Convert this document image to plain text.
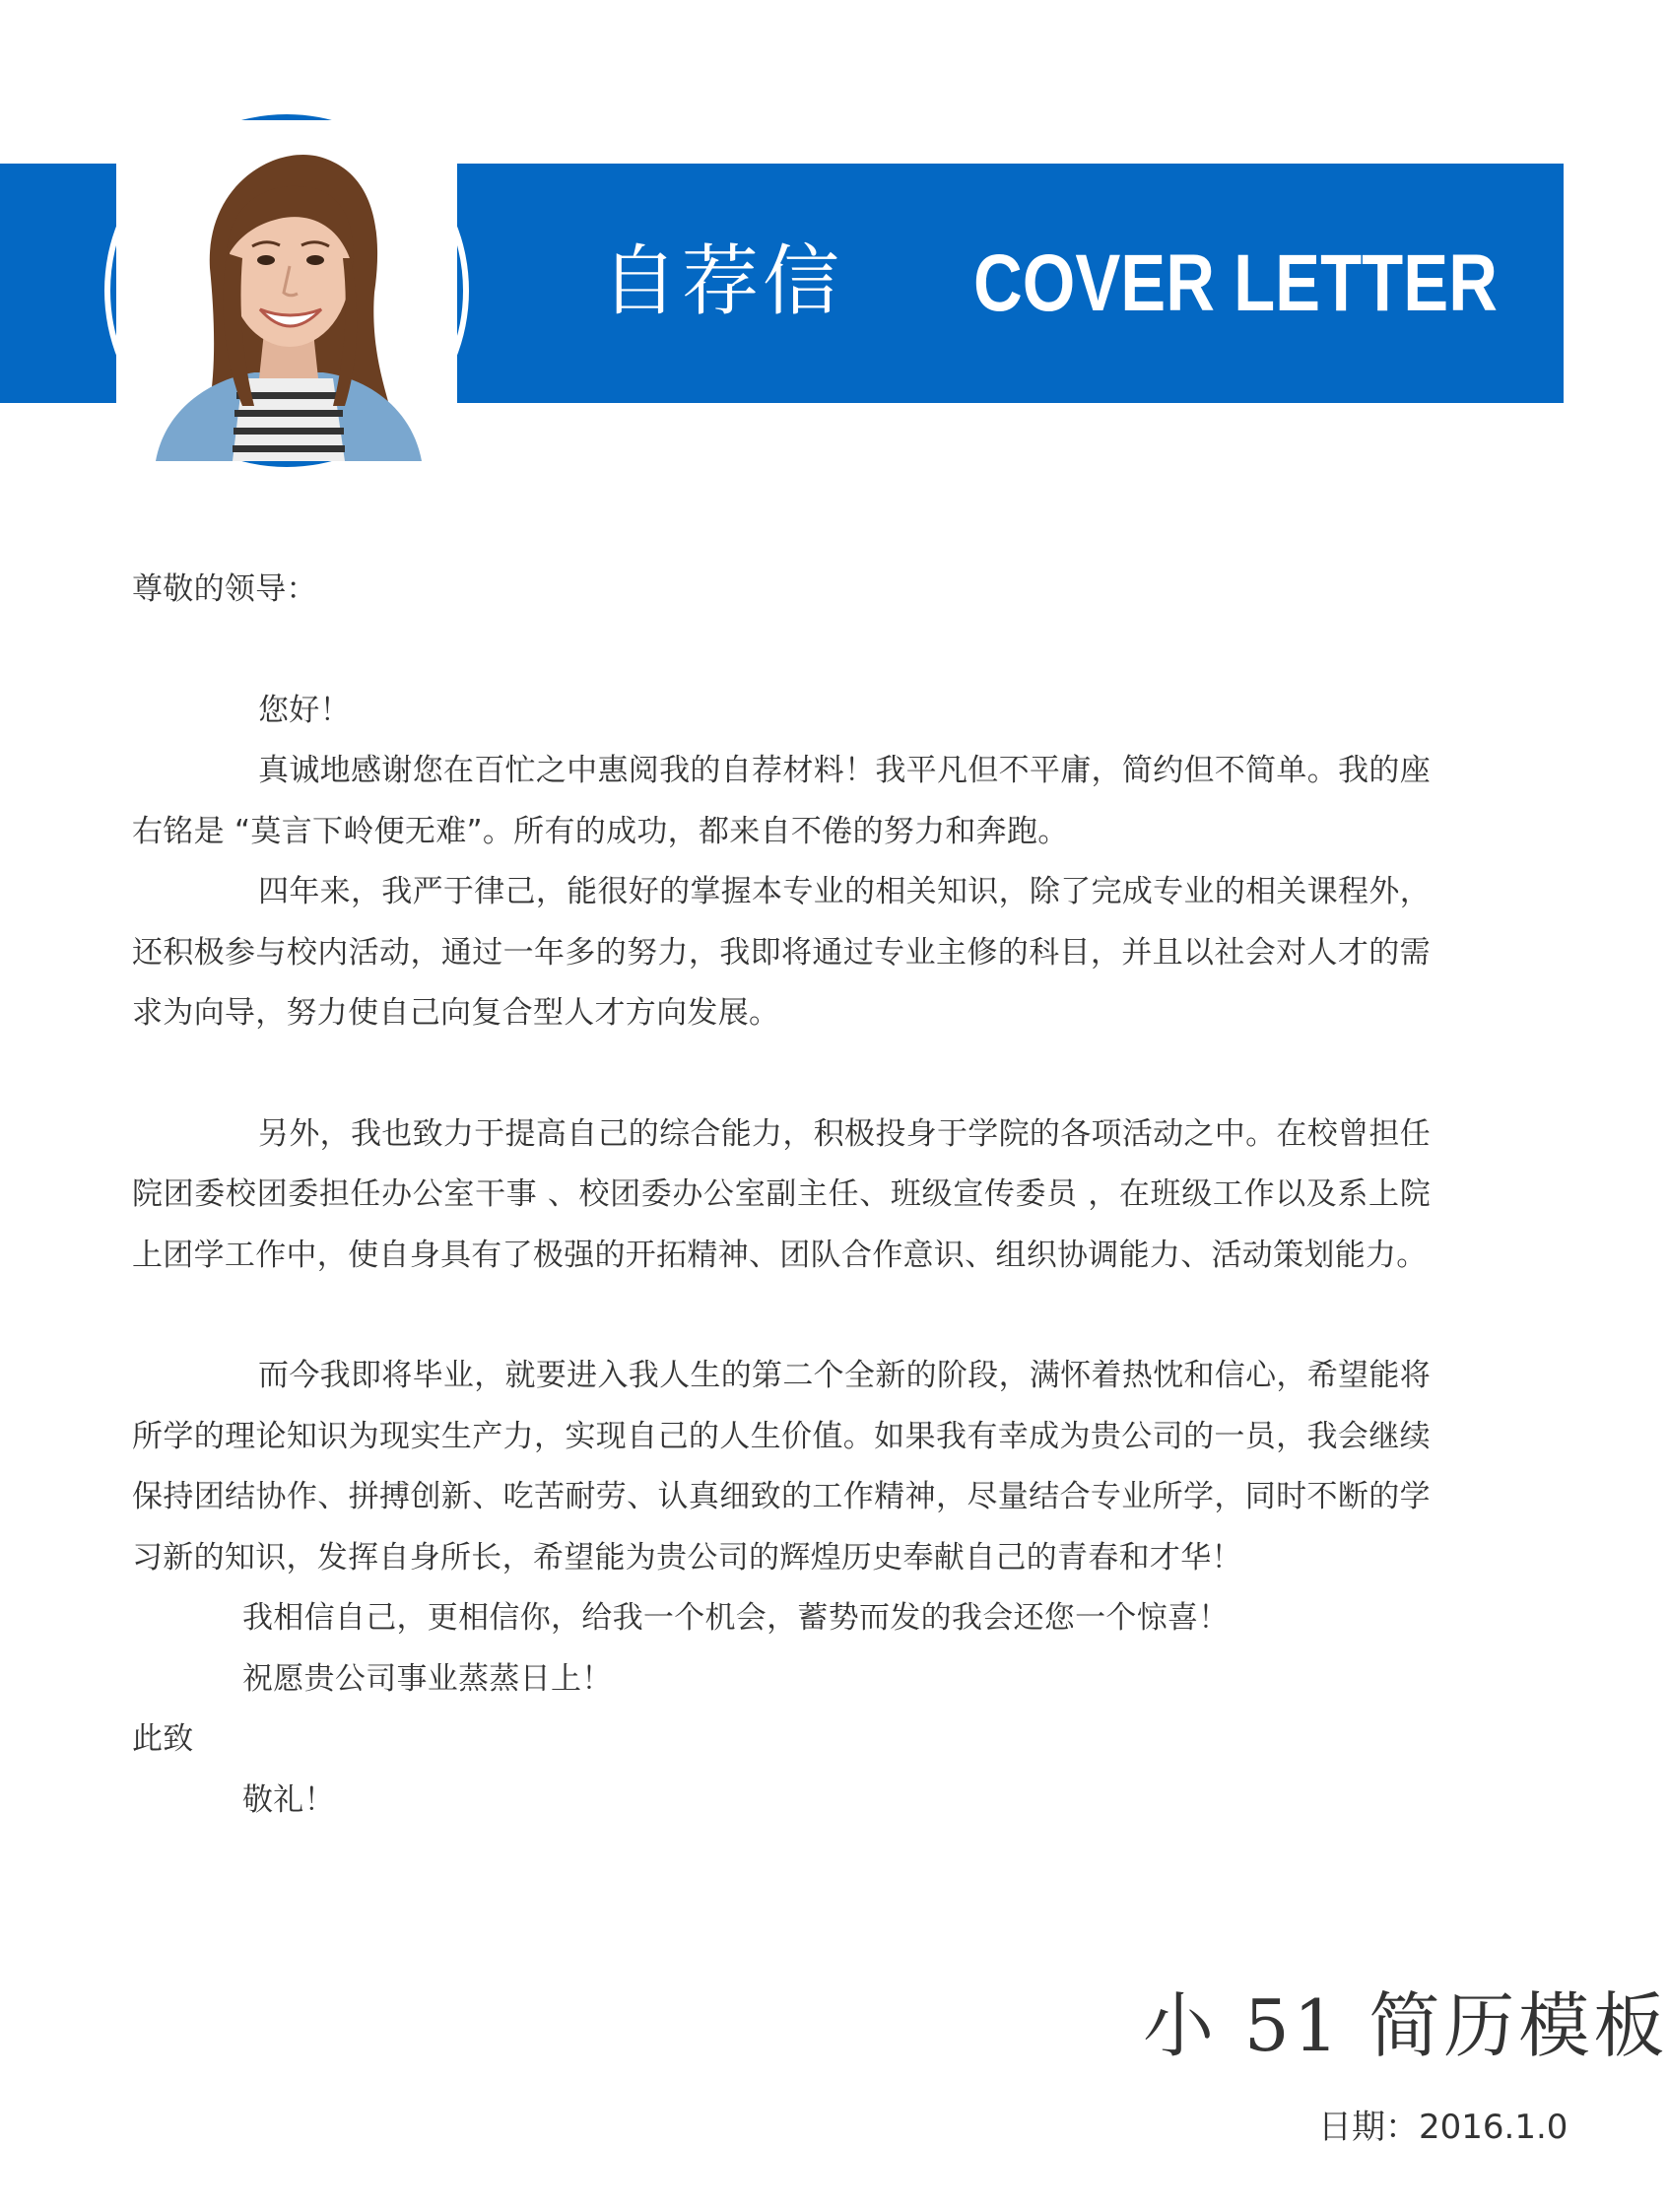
自荐信 COVER LETTER

尊敬的领导：

您好！

真诚地感谢您在百忙之中惠阅我的自荐材料！我平凡但不平庸，简约但不简单。我的座右铭是 “莫言下岭便无难”。所有的成功，都来自不倦的努力和奔跑。

四年来，我严于律己，能很好的掌握本专业的相关知识，除了完成专业的相关课程外，还积极参与校内活动，通过一年多的努力，我即将通过专业主修的科目，并且以社会对人才的需求为向导，努力使自己向复合型人才方向发展。

另外，我也致力于提高自己的综合能力，积极投身于学院的各项活动之中。在校曾担任院团委校团委担任办公室干事 、校团委办公室副主任、班级宣传委员 ，在班级工作以及系上院上团学工作中，使自身具有了极强的开拓精神、团队合作意识、组织协调能力、活动策划能力。

而今我即将毕业，就要进入我人生的第二个全新的阶段，满怀着热忱和信心，希望能将所学的理论知识为现实生产力，实现自己的人生价值。如果我有幸成为贵公司的一员，我会继续保持团结协作、拼搏创新、吃苦耐劳、认真细致的工作精神，尽量结合专业所学，同时不断的学习新的知识，发挥自身所长，希望能为贵公司的辉煌历史奉献自己的青春和才华！

我相信自己，更相信你，给我一个机会，蓄势而发的我会还您一个惊喜！

祝愿贵公司事业蒸蒸日上！

此致

敬礼！

小 51 简历模板
日期：2016.1.0
